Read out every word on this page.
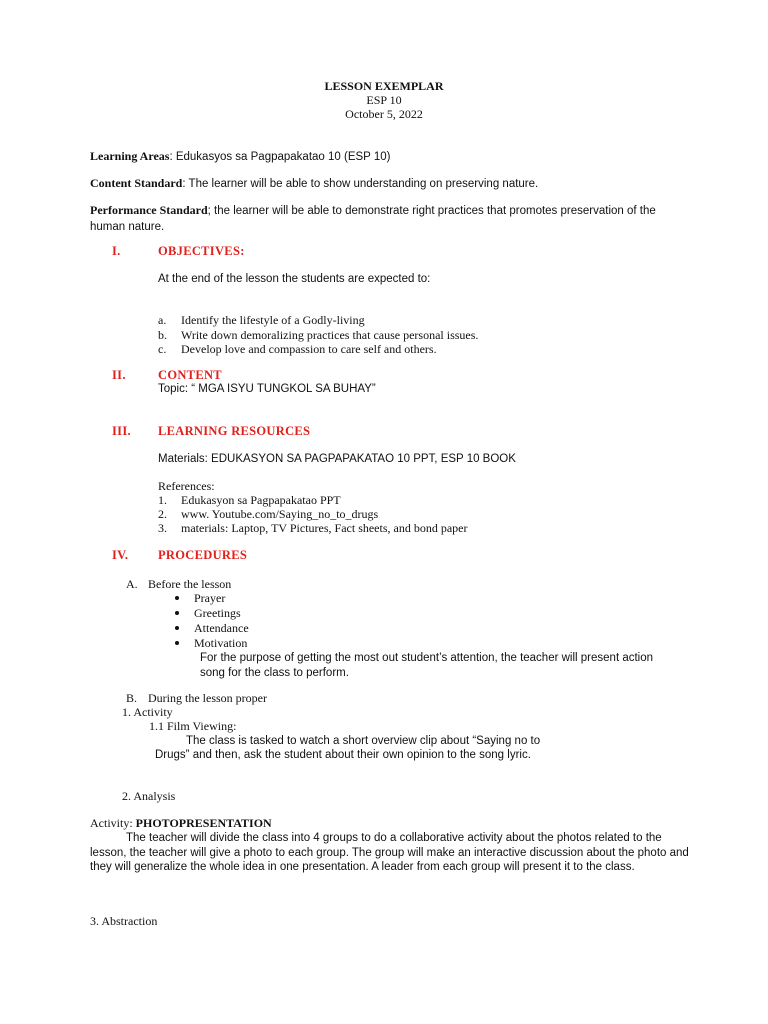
LESSON EXEMPLAR
ESP 10
October 5, 2022
Learning Areas: Edukasyos sa Pagpapakatao 10 (ESP 10)
Content Standard: The learner will be able to show understanding on preserving nature.
Performance Standard; the learner will be able to demonstrate right practices that promotes preservation of the human nature.
I.	OBJECTIVES:
At the end of the lesson the students are expected to:
a. Identify the lifestyle of a Godly-living
b. Write down demoralizing practices that cause personal issues.
c. Develop love and compassion to care self and others.
II.	CONTENT
Topic: “ MGA ISYU TUNGKOL SA BUHAY”
III. LEARNING RESOURCES
Materials: EDUKASYON SA PAGPAPAKATAO 10 PPT, ESP 10 BOOK
References:
1. Edukasyon sa Pagpapakatao PPT
2. www. Youtube.com/Saying_no_to_drugs
3. materials: Laptop, TV Pictures, Fact sheets, and bond paper
IV. PROCEDURES
A. Before the lesson
Prayer
Greetings
Attendance
Motivation
For the purpose of getting the most out student’s attention, the teacher will present action song for the class to perform.
B. During the lesson proper
1. Activity
1.1 Film Viewing:
The class is tasked to watch a short overview clip about “Saying no to
Drugs” and then, ask the student about their own opinion to the song lyric.
2. Analysis
Activity: PHOTOPRESENTATION
The teacher will divide the class into 4 groups to do a collaborative activity about the photos related to the lesson, the teacher will give a photo to each group. The group will make an interactive discussion about the photo and they will generalize the whole idea in one presentation. A leader from each group will present it to the class.
3. Abstraction
